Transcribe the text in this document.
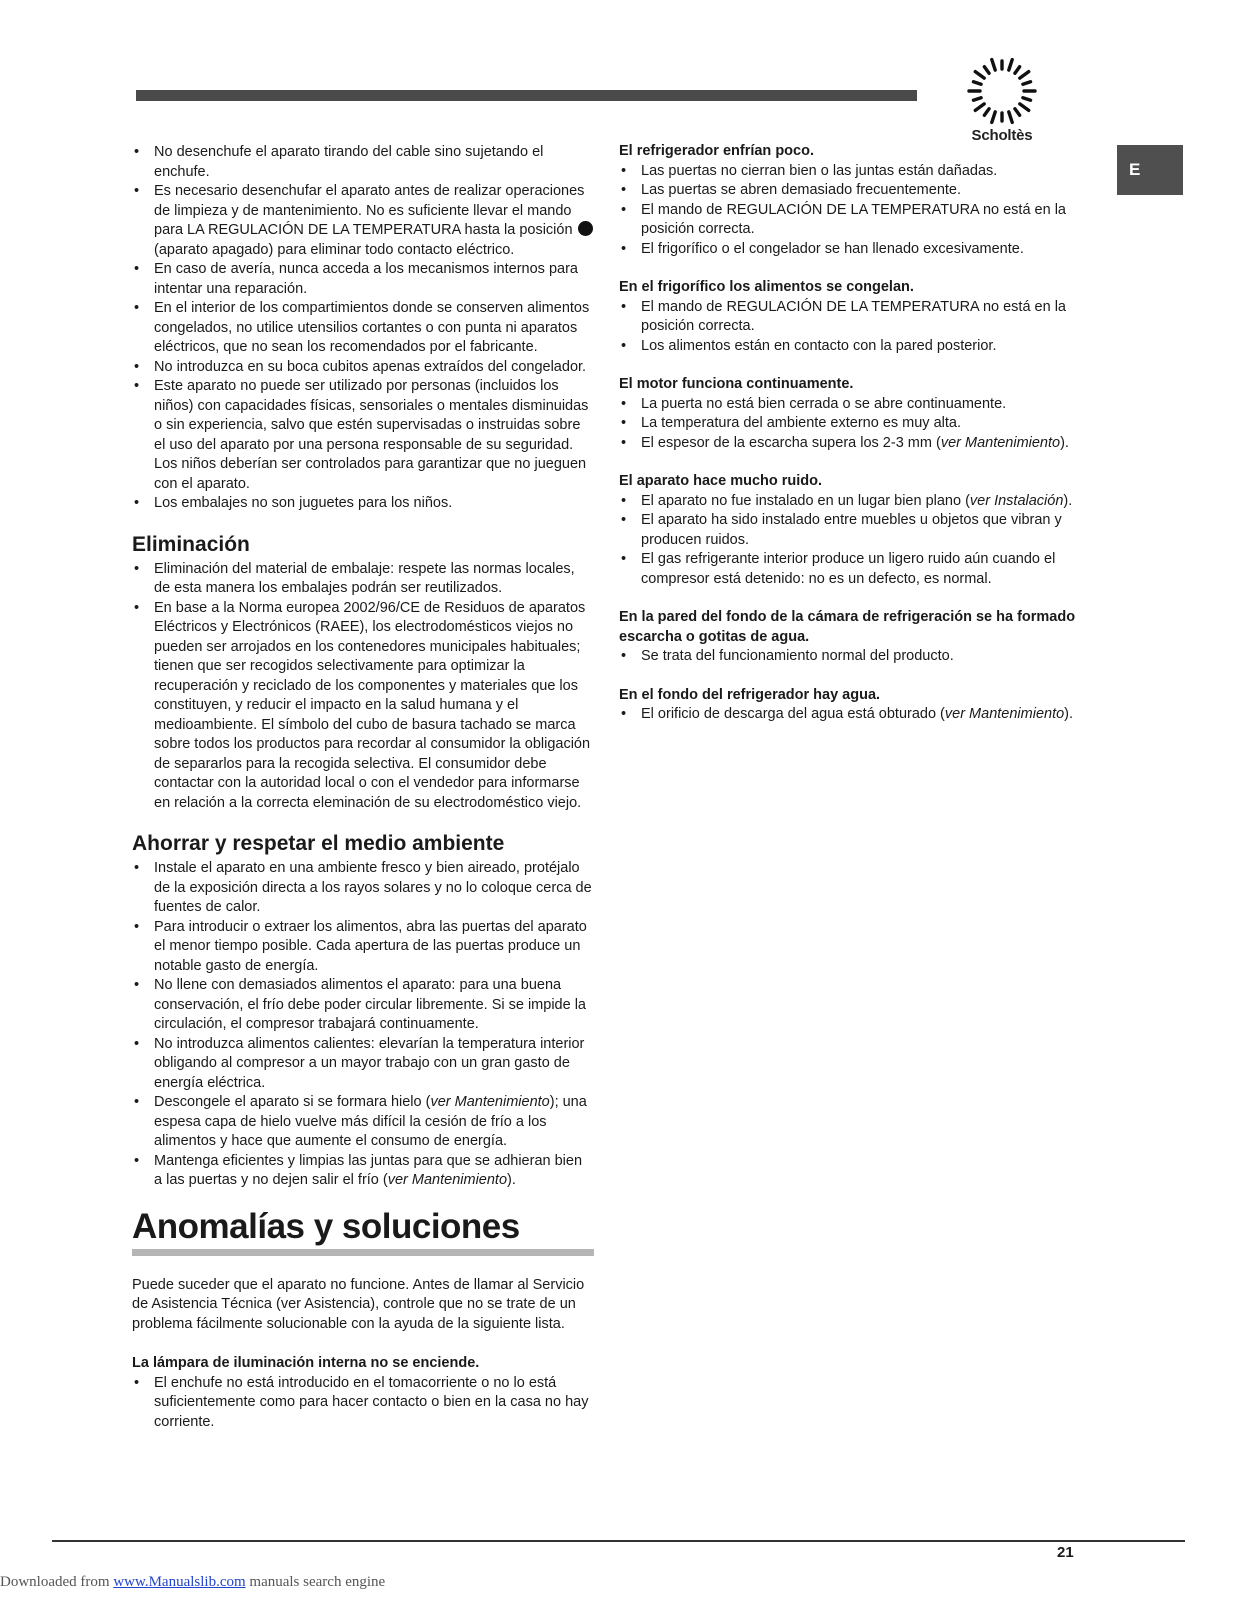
Scholtès
E
• No desenchufe el aparato tirando del cable sino sujetando el enchufe.
• Es necesario desenchufar el aparato antes de realizar operaciones de limpieza y de mantenimiento. No es suficiente llevar el mando para LA REGULACIÓN DE LA TEMPERATURA hasta la posición (aparato apagado) para eliminar todo contacto eléctrico.
• En caso de avería, nunca acceda a los mecanismos internos para intentar una reparación.
• En el interior de los compartimientos donde se conserven alimentos congelados, no utilice utensilios cortantes o con punta ni aparatos eléctricos, que no sean los recomendados por el fabricante.
• No introduzca en su boca cubitos apenas extraídos del congelador.
• Este aparato no puede ser utilizado por personas (incluidos los niños) con capacidades físicas, sensoriales o mentales disminuidas o sin experiencia, salvo que estén supervisadas o instruidas sobre el uso del aparato por una persona responsable de su seguridad. Los niños deberían ser controlados para garantizar que no jueguen con el aparato.
• Los embalajes no son juguetes para los niños.
Eliminación
• Eliminación del material de embalaje: respete las normas locales, de esta manera los embalajes podrán ser reutilizados.
• En base a la Norma europea 2002/96/CE de Residuos de aparatos Eléctricos y Electrónicos (RAEE), los electrodomésticos viejos no pueden ser arrojados en los contenedores municipales habituales; tienen que ser recogidos selectivamente para optimizar la recuperación y reciclado de los componentes y materiales que los constituyen, y reducir el impacto en la salud humana y el medioambiente. El símbolo del cubo de basura tachado se marca sobre todos los productos para recordar al consumidor la obligación de separarlos para la recogida selectiva. El consumidor debe contactar con la autoridad local o con el vendedor para informarse en relación a la correcta eleminación de su electrodoméstico viejo.
Ahorrar y respetar el medio ambiente
• Instale el aparato en una ambiente fresco y bien aireado, protéjalo de la exposición directa a los rayos solares y no lo coloque cerca de fuentes de calor.
• Para introducir o extraer los alimentos, abra las puertas del aparato el menor tiempo posible. Cada apertura de las puertas produce un notable gasto de energía.
• No llene con demasiados alimentos el aparato: para una buena conservación, el frío debe poder circular libremente. Si se impide la circulación, el compresor trabajará continuamente.
• No introduzca alimentos calientes: elevarían la temperatura interior obligando al compresor a un mayor trabajo con un gran gasto de energía eléctrica.
• Descongele el aparato si se formara hielo (ver Mantenimiento); una espesa capa de hielo vuelve más difícil la cesión de frío a los alimentos y hace que aumente el consumo de energía.
• Mantenga eficientes y limpias las juntas para que se adhieran bien a las puertas y no dejen salir el frío (ver Mantenimiento).
Anomalías y soluciones

Puede suceder que el aparato no funcione. Antes de llamar al Servicio de Asistencia Técnica (ver Asistencia), controle que no se trate de un problema fácilmente solucionable con la ayuda de la siguiente lista.

La lámpara de iluminación interna no se enciende.
• El enchufe no está introducido en el tomacorriente o no lo está suficientemente como para hacer contacto o bien en la casa no hay corriente.
El refrigerador enfrían poco.
• Las puertas no cierran bien o las juntas están dañadas.
• Las puertas se abren demasiado frecuentemente.
• El mando de REGULACIÓN DE LA TEMPERATURA no está en la posición correcta.
• El frigorífico o el congelador se han llenado excesivamente.
En el frigorífico los alimentos se congelan.
• El mando de REGULACIÓN DE LA TEMPERATURA no está en la posición correcta.
• Los alimentos están en contacto con la pared posterior.
El motor funciona continuamente.
• La puerta no está bien cerrada o se abre continuamente.
• La temperatura del ambiente externo es muy alta.
• El espesor de la escarcha supera los 2-3 mm (ver Mantenimiento).
El aparato hace mucho ruido.
• El aparato no fue instalado en un lugar bien plano (ver Instalación).
• El aparato ha sido instalado entre muebles u objetos que vibran y producen ruidos.
• El gas refrigerante interior produce un ligero ruido aún cuando el compresor está detenido: no es un defecto, es normal.
En la pared del fondo de la cámara de refrigeración se ha formado escarcha o gotitas de agua.
• Se trata del funcionamiento normal del producto.
En el fondo del refrigerador hay agua.
• El orificio de descarga del agua está obturado (ver Mantenimiento).
21
Downloaded from www.Manualslib.com manuals search engine
